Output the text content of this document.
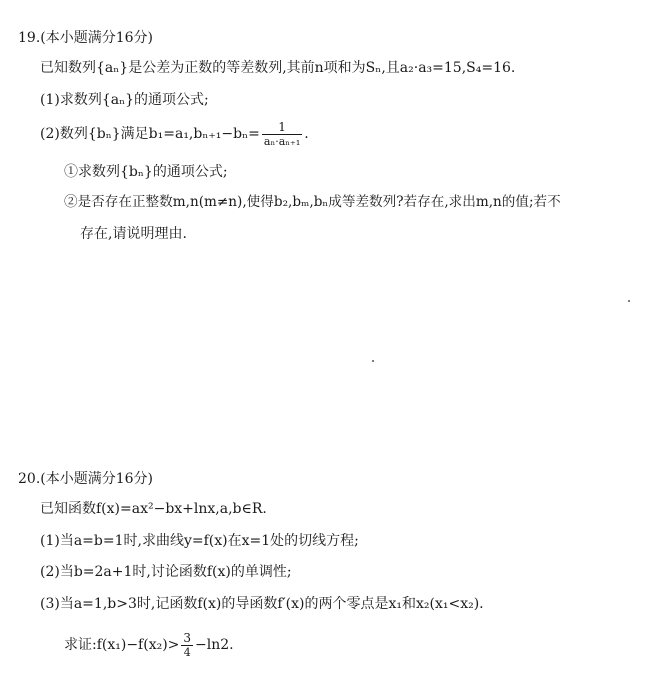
19.(本小题满分16分)
已知数列{aₙ}是公差为正数的等差数列,其前n项和为Sₙ,且a₂·a₃=15,S₄=16.
(1)求数列{aₙ}的通项公式;
(2)数列{bₙ}满足$b_1=a_1,b_{n+1}-b_n= \frac{1}{\text{aₙ·aₙ₊₁}}$ .
①求数列{bₙ}的通项公式;
②是否存在正整数m,n(m≠n),使得b₂,bₘ,bₙ成等差数列?若存在,求出m,n的值;若不
存在,请说明理由.
20.(本小题满分16分)
已知函数f(x)=ax²−bx+lnx,a,b∈R.
(1)当a=b=1时,求曲线y=f(x)在x=1处的切线方程;
(2)当b=2a+1时,讨论函数f(x)的单调性;
(3)当a=1,b>3时,记函数f(x)的导函数f′(x)的两个零点是x₁和x₂(x₁<x₂).
求证:f(x₁)−f(x₂)> $\frac{3}{4} -\ln 2$.
